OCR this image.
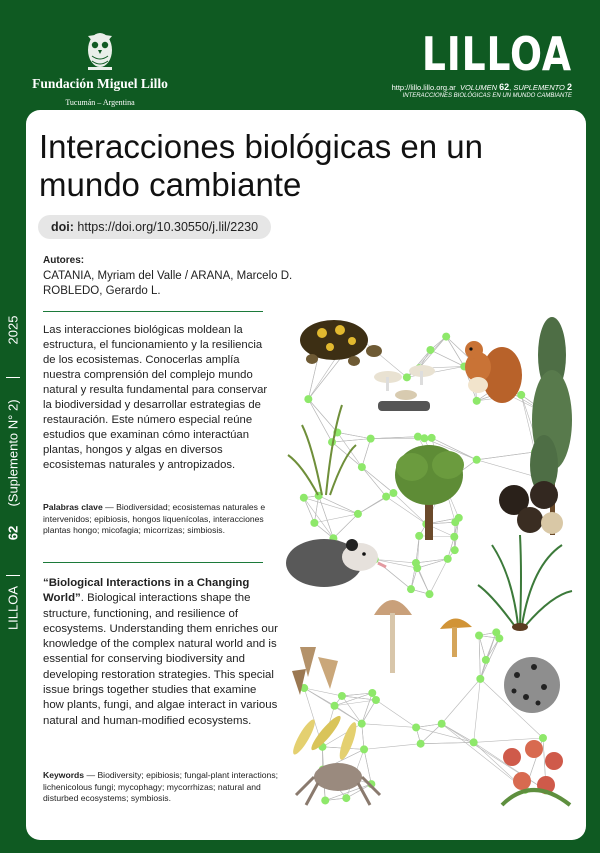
Fundación Miguel Lillo
Tucumán – Argentina
LILLOA
http://lillo.lillo.org.ar VOLUMEN 62, SUPLEMENTO 2
INTERACCIONES BIOLÓGICAS EN UN MUNDO CAMBIANTE
LILLOA
62
(Suplemento N° 2)
2025
Interacciones biológicas en un mundo cambiante
doi: https://doi.org/10.30550/j.lil/2230
Autores:
CATANIA, Myriam del Valle / ARANA, Marcelo D. ROBLEDO, Gerardo L.

Las interacciones biológicas moldean la estructura, el funcionamiento y la resiliencia de los ecosistemas. Conocerlas amplía nuestra comprensión del complejo mundo natural y resulta fundamental para conservar la biodiversidad y desarrollar estrategias de restauración. Este número especial reúne estudios que examinan cómo interactúan plantas, hongos y algas en diversos ecosistemas naturales y antropizados.

Palabras clave — Biodiversidad; ecosistemas naturales e intervenidos; epibiosis, hongos liquenícolas, interacciones plantas hongo; micofagia; micorrizas; simbiosis.

“Biological Interactions in a Changing World”. Biological interactions shape the structure, functioning, and resilience of ecosystems. Understanding them enriches our knowledge of the complex natural world and is essential for conserving biodiversity and developing restoration strategies. This special issue brings together studies that examine how plants, fungi, and algae interact in various natural and human-modified ecosystems.

Keywords — Biodiversity; epibiosis; fungal-plant interactions; lichenicolous fungi; mycophagy; mycorrhizas; natural and disturbed ecosystems; symbiosis.
